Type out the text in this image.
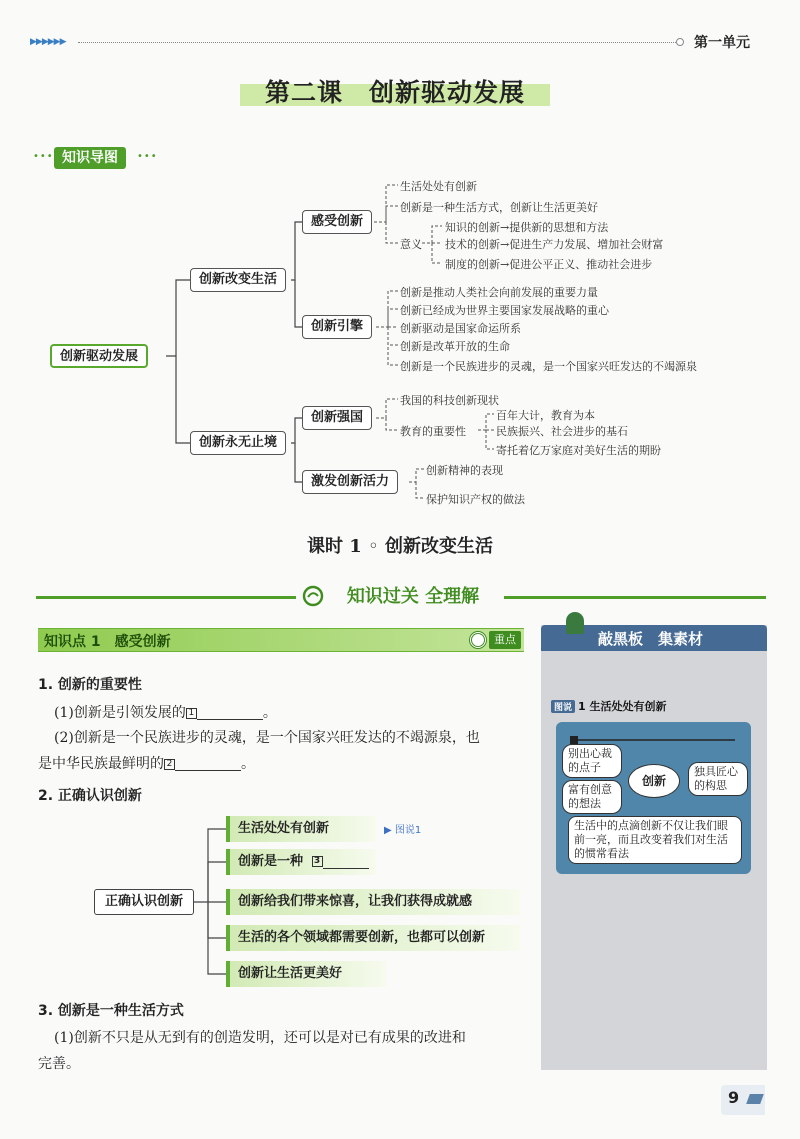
▶▶▶▶▶▶	第一单元
第二课　创新驱动发展
••• 知识导图	•••
创新驱动发展
创新改变生活
创新永无止境
感受创新
创新引擎
创新强国
激发创新活力
生活处处有创新
创新是一种生活方式，创新让生活更美好
意义
知识的创新→提供新的思想和方法
技术的创新→促进生产力发展、增加社会财富
制度的创新→促进公平正义、推动社会进步
创新是推动人类社会向前发展的重要力量
创新已经成为世界主要国家发展战略的重心
创新驱动是国家命运所系
创新是改革开放的生命
创新是一个民族进步的灵魂，是一个国家兴旺发达的不竭源泉
我国的科技创新现状
教育的重要性
百年大计，教育为本
民族振兴、社会进步的基石
寄托着亿万家庭对美好生活的期盼
创新精神的表现
保护知识产权的做法
课时 1 ◦ 创新改变生活
知识过关 全理解
知识点 1　感受创新	重点
1. 创新的重要性
(1)创新是引领发展的 1	。
(2)创新是一个民族进步的灵魂，是一个国家兴旺发达的不竭源泉，也
是中华民族最鲜明的 2	。
2. 正确认识创新
正确认识创新
生活处处有创新
创新是一种 3
创新给我们带来惊喜，让我们获得成就感
生活的各个领域都需要创新，也都可以创新
创新让生活更美好
▶ 图说1
3. 创新是一种生活方式
(1)创新不只是从无到有的创造发明，还可以是对已有成果的改进和
完善。
敲黑板　集素材
图说 1 生活处处有创新
别出心裁的点子
富有创意的想法
创新
独具匠心的构思
生活中的点滴创新不仅让我们眼前一亮，而且改变着我们对生活的惯常看法
9
